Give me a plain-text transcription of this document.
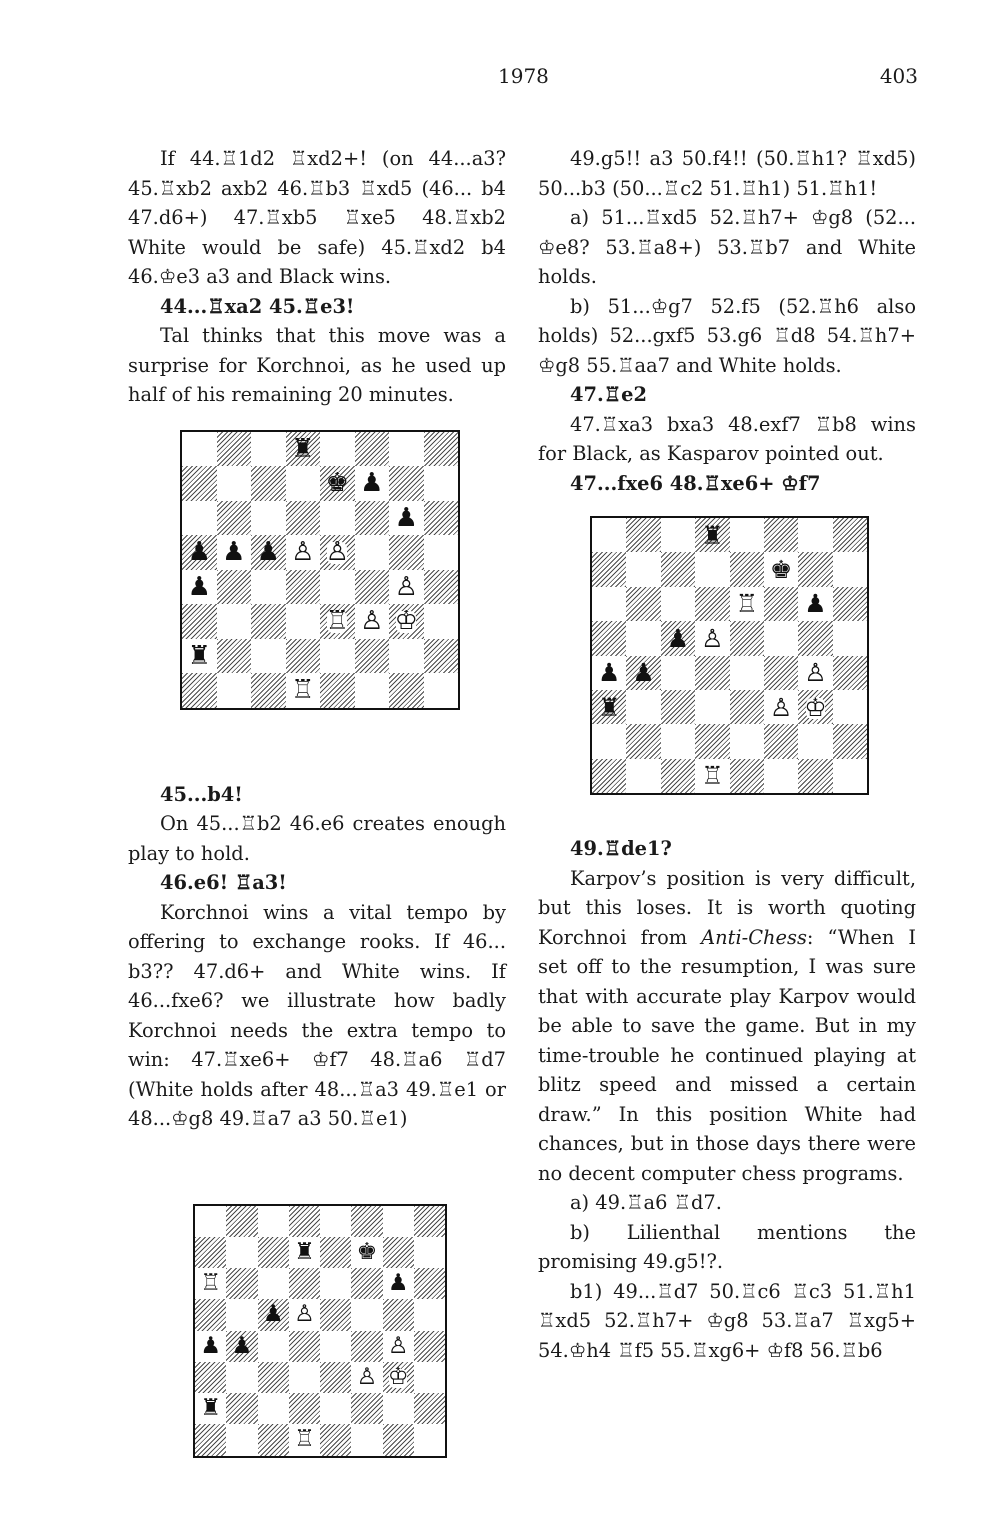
1978	403

If 44.♖1d2 ♖xd2+! (on 44...a3? 45.♖xb2 axb2 46.♖b3 ♖xd5 (46... b4 47.d6+) 47.♖xb5 ♖xe5 48.♖xb2 White would be safe) 45.♖xd2 b4 46.♔e3 a3 and Black wins.

44...♖xa2 45.♖e3!

Tal thinks that this move was a surprise for Korchnoi, as he used up half of his remaining 20 minutes.

♜
♚ ♟
♟
♟ ♟ ♟ ♙ ♙
♟	♙
♖ ♙ ♔
♜
♖

45...b4!

On 45...♖b2 46.e6 creates enough play to hold.

46.e6! ♖a3!

Korchnoi wins a vital tempo by offering to exchange rooks. If 46... b3?? 47.d6+ and White wins. If 46...fxe6? we illustrate how badly Korchnoi needs the extra tempo to win: 47.♖xe6+ ♔f7 48.♖a6 ♖d7 (White holds after 48...♖a3 49.♖e1 or 48...♔g8 49.♖a7 a3 50.♖e1)

♜ ♚
♖	♟
♟ ♙
♟ ♟	♙
♙ ♔
♜
♖

49.g5!! a3 50.f4!! (50.♖h1? ♖xd5) 50...b3 (50...♖c2 51.♖h1) 51.♖h1!

a) 51...♖xd5 52.♖h7+ ♔g8 (52... ♔e8? 53.♖a8+) 53.♖b7 and White holds.

b) 51...♔g7 52.f5 (52.♖h6 also holds) 52...gxf5 53.g6 ♖d8 54.♖h7+ ♔g8 55.♖aa7 and White holds.

47.♖e2

47.♖xa3 bxa3 48.exf7 ♖b8 wins for Black, as Kasparov pointed out.

47...fxe6 48.♖xe6+ ♔f7

♜
♚
♖ ♟
♟ ♙
♟ ♟	♙
♜	♙ ♔
♖

49.♖de1?

Karpov’s position is very difficult, but this loses. It is worth quoting Korchnoi from Anti-Chess: “When I set off to the resumption, I was sure that with accurate play Karpov would be able to save the game. But in my time-trouble he continued playing at blitz speed and missed a certain draw.” In this position White had chances, but in those days there were no decent computer chess programs.

a) 49.♖a6 ♖d7.

b) Lilienthal mentions the promising 49.g5!?.

b1) 49...♖d7 50.♖c6 ♖c3 51.♖h1 ♖xd5 52.♖h7+ ♔g8 53.♖a7 ♖xg5+ 54.♔h4 ♖f5 55.♖xg6+ ♔f8 56.♖b6
